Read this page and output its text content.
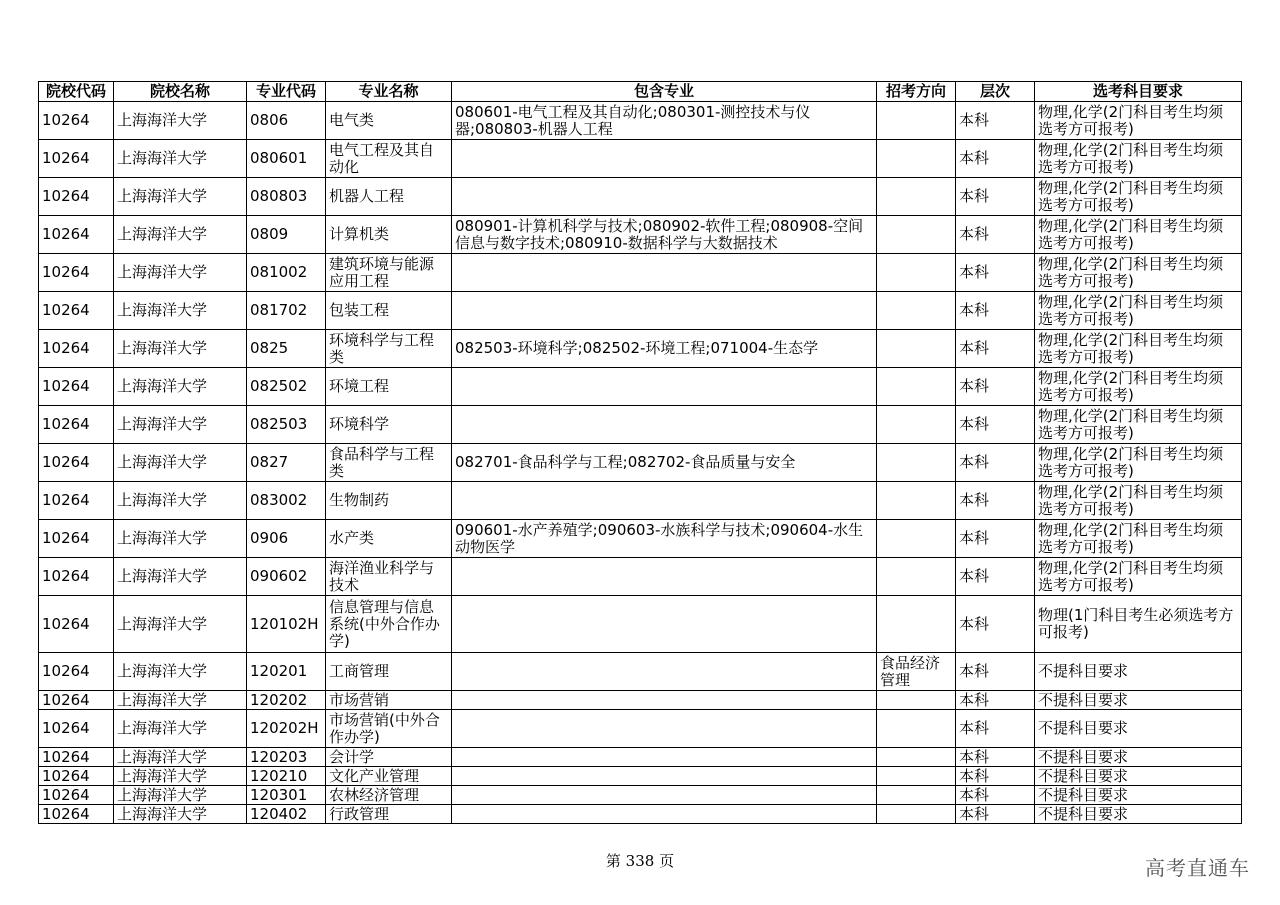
院校代码	院校名称	专业代码	专业名称	包含专业	招考方向	层次	选考科目要求
10264	上海海洋大学	0806	电气类	080601-电气工程及其自动化;080301-测控技术与仪器;080803-机器人工程		本科	物理,化学(2门科目考生均须选考方可报考)
10264	上海海洋大学	080601	电气工程及其自动化			本科	物理,化学(2门科目考生均须选考方可报考)
10264	上海海洋大学	080803	机器人工程			本科	物理,化学(2门科目考生均须选考方可报考)
10264	上海海洋大学	0809	计算机类	080901-计算机科学与技术;080902-软件工程;080908-空间信息与数字技术;080910-数据科学与大数据技术		本科	物理,化学(2门科目考生均须选考方可报考)
10264	上海海洋大学	081002	建筑环境与能源应用工程			本科	物理,化学(2门科目考生均须选考方可报考)
10264	上海海洋大学	081702	包装工程			本科	物理,化学(2门科目考生均须选考方可报考)
10264	上海海洋大学	0825	环境科学与工程类	082503-环境科学;082502-环境工程;071004-生态学		本科	物理,化学(2门科目考生均须选考方可报考)
10264	上海海洋大学	082502	环境工程			本科	物理,化学(2门科目考生均须选考方可报考)
10264	上海海洋大学	082503	环境科学			本科	物理,化学(2门科目考生均须选考方可报考)
10264	上海海洋大学	0827	食品科学与工程类	082701-食品科学与工程;082702-食品质量与安全		本科	物理,化学(2门科目考生均须选考方可报考)
10264	上海海洋大学	083002	生物制药			本科	物理,化学(2门科目考生均须选考方可报考)
10264	上海海洋大学	0906	水产类	090601-水产养殖学;090603-水族科学与技术;090604-水生动物医学		本科	物理,化学(2门科目考生均须选考方可报考)
10264	上海海洋大学	090602	海洋渔业科学与技术			本科	物理,化学(2门科目考生均须选考方可报考)
10264	上海海洋大学	120102H	信息管理与信息系统(中外合作办学)			本科	物理(1门科目考生必须选考方可报考)
10264	上海海洋大学	120201	工商管理		食品经济管理	本科	不提科目要求
10264	上海海洋大学	120202	市场营销			本科	不提科目要求
10264	上海海洋大学	120202H	市场营销(中外合作办学)			本科	不提科目要求
10264	上海海洋大学	120203	会计学			本科	不提科目要求
10264	上海海洋大学	120210	文化产业管理			本科	不提科目要求
10264	上海海洋大学	120301	农林经济管理			本科	不提科目要求
10264	上海海洋大学	120402	行政管理			本科	不提科目要求
第 338 页	高考直通车
